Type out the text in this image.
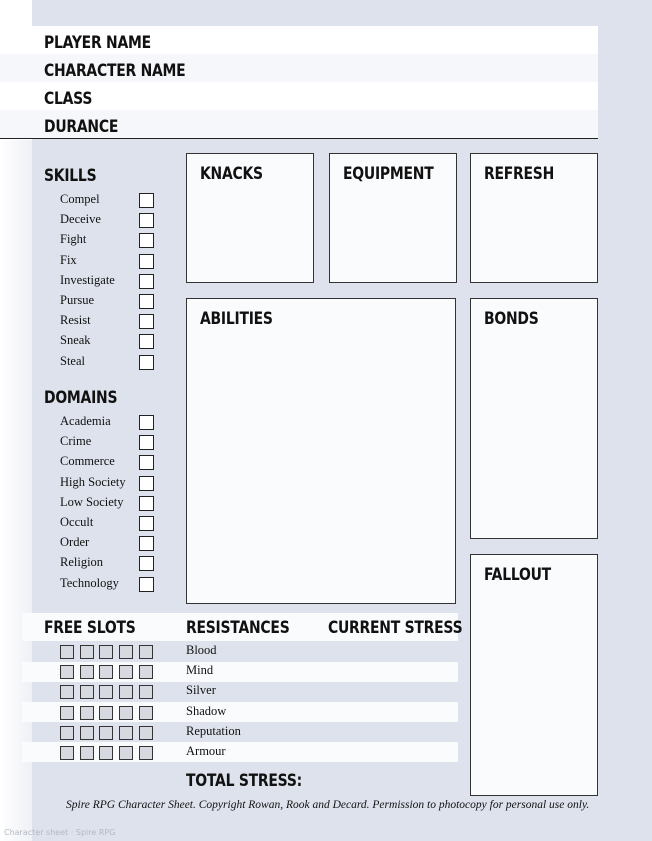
PLAYER NAME
CHARACTER NAME
CLASS
DURANCE
SKILLS
Compel
Deceive
Fight
Fix
Investigate
Pursue
Resist
Sneak
Steal
DOMAINS
Academia
Crime
Commerce
High Society
Low Society
Occult
Order
Religion
Technology
KNACKS	EQUIPMENT	REFRESH
ABILITIES	BONDS
FALLOUT
FREE SLOTS	RESISTANCES CURRENT STRESS
Blood
Mind
Silver
Shadow
Reputation
Armour
TOTAL STRESS:
Spire RPG Character Sheet. Copyright Rowan, Rook and Decard. Permission to photocopy for personal use only.
Character sheet · Spire RPG
